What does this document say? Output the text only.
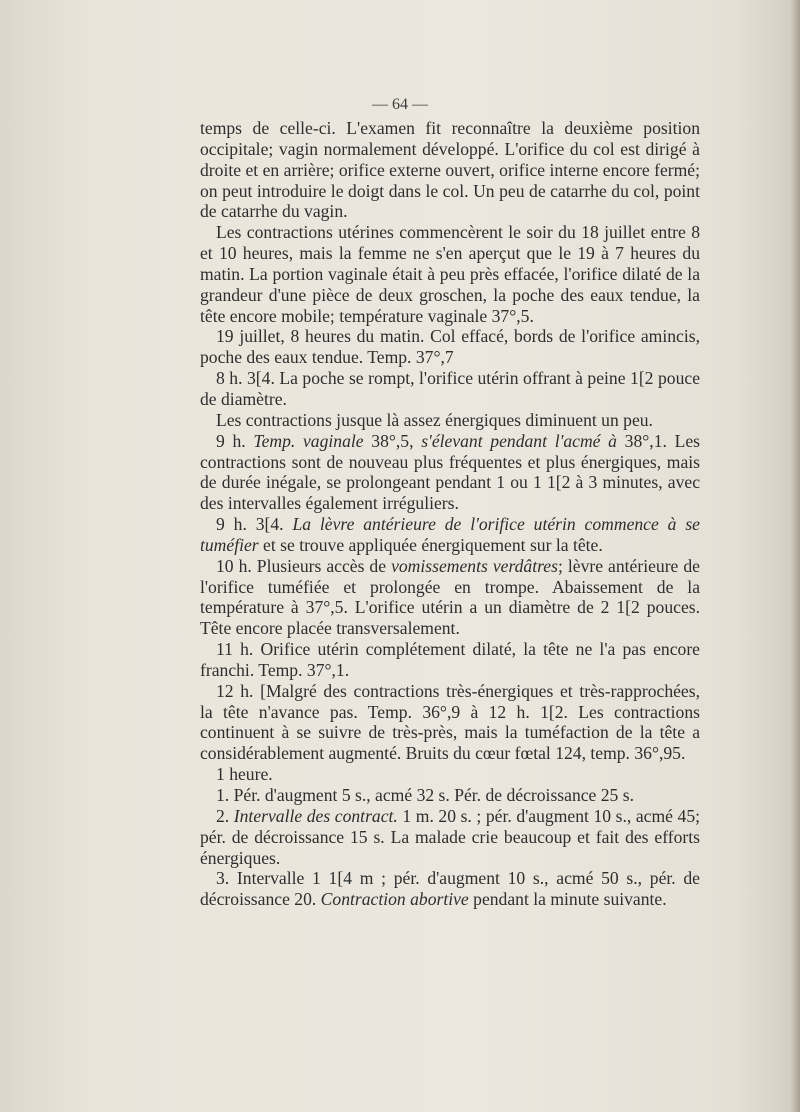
— 64 —

temps de celle-ci. L'examen fit reconnaître la deuxième position occipitale; vagin normalement développé. L'orifice du col est dirigé à droite et en arrière; orifice externe ouvert, orifice interne encore fermé; on peut introduire le doigt dans le col. Un peu de catarrhe du col, point de catarrhe du vagin.

Les contractions utérines commencèrent le soir du 18 juillet entre 8 et 10 heures, mais la femme ne s'en aperçut que le 19 à 7 heures du matin. La portion vaginale était à peu près effacée, l'orifice dilaté de la grandeur d'une pièce de deux groschen, la poche des eaux tendue, la tête encore mobile; température vaginale 37°,5.

19 juillet, 8 heures du matin. Col effacé, bords de l'orifice amincis, poche des eaux tendue. Temp. 37°,7

8 h. 3[4. La poche se rompt, l'orifice utérin offrant à peine 1[2 pouce de diamètre.

Les contractions jusque là assez énergiques diminuent un peu.

9 h. Temp. vaginale 38°,5, s'élevant pendant l'acmé à 38°,1. Les contractions sont de nouveau plus fréquentes et plus énergiques, mais de durée inégale, se prolongeant pendant 1 ou 1 1[2 à 3 minutes, avec des intervalles également irréguliers.

9 h. 3[4. La lèvre antérieure de l'orifice utérin commence à se tuméfier et se trouve appliquée énergiquement sur la tête.

10 h. Plusieurs accès de vomissements verdâtres; lèvre antérieure de l'orifice tuméfiée et prolongée en trompe. Abaissement de la température à 37°,5. L'orifice utérin a un diamètre de 2 1[2 pouces. Tête encore placée transversalement.

11 h. Orifice utérin complétement dilaté, la tête ne l'a pas encore franchi. Temp. 37°,1.

12 h. [Malgré des contractions très-énergiques et très-rapprochées, la tête n'avance pas. Temp. 36°,9 à 12 h. 1[2. Les contractions continuent à se suivre de très-près, mais la tuméfaction de la tête a considérablement augmenté. Bruits du cœur fœtal 124, temp. 36°,95.

1 heure.

1. Pér. d'augment 5 s., acmé 32 s. Pér. de décroissance 25 s.

2. Intervalle des contract. 1 m. 20 s. ; pér. d'augment 10 s., acmé 45; pér. de décroissance 15 s. La malade crie beaucoup et fait des efforts énergiques.

3. Intervalle 1 1[4 m ; pér. d'augment 10 s., acmé 50 s., pér. de décroissance 20. Contraction abortive pendant la minute suivante.
